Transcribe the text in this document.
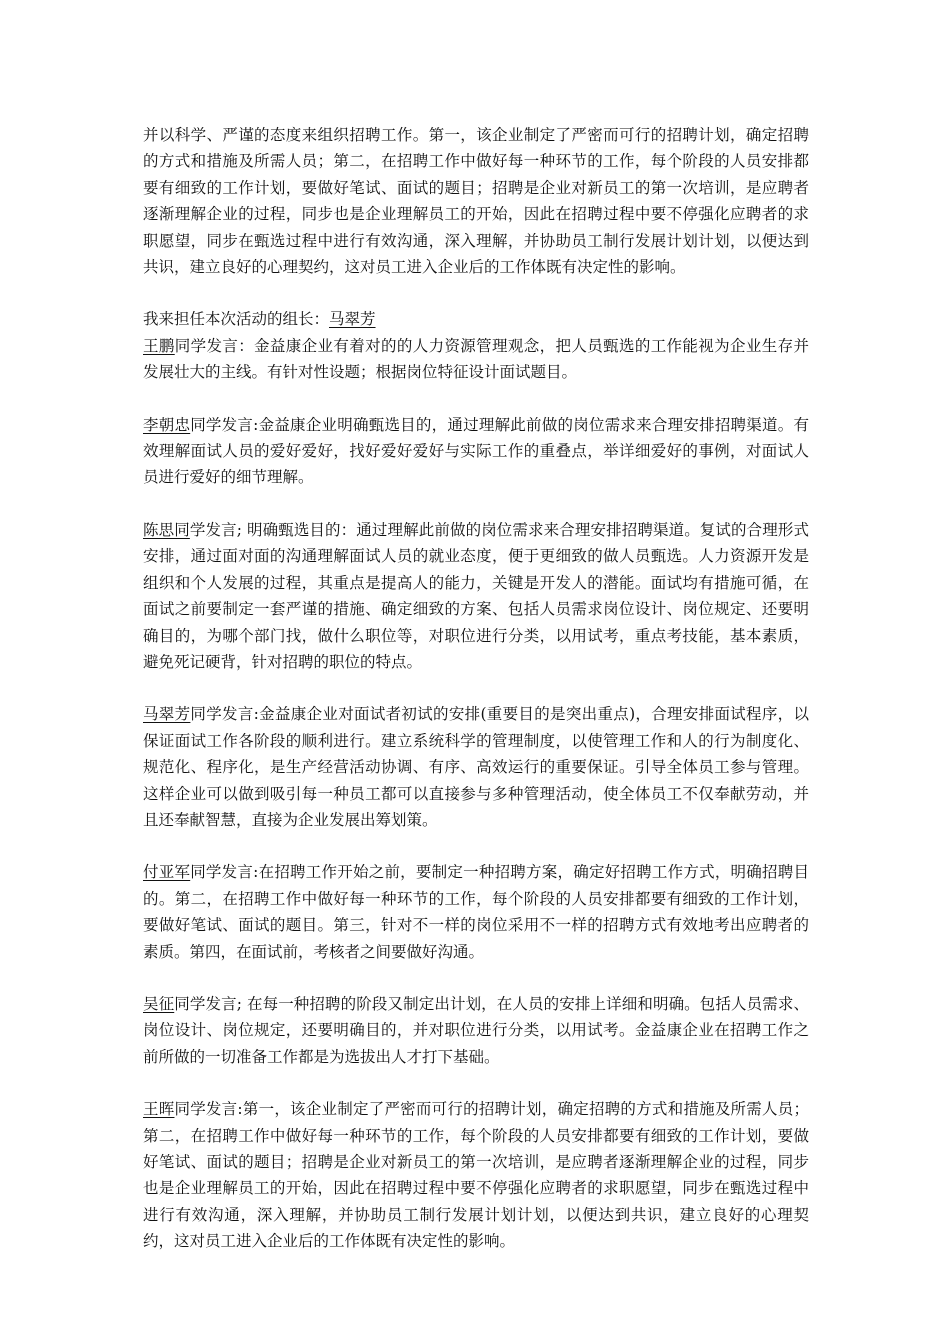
并以科学、严谨的态度来组织招聘工作。第一，该企业制定了严密而可行的招聘计划，确定招聘的方式和措施及所需人员；第二，在招聘工作中做好每一种环节的工作，每个阶段的人员安排都要有细致的工作计划，要做好笔试、面试的题目；招聘是企业对新员工的第一次培训，是应聘者逐渐理解企业的过程，同步也是企业理解员工的开始，因此在招聘过程中要不停强化应聘者的求职愿望，同步在甄选过程中进行有效沟通，深入理解，并协助员工制行发展计划计划，以便达到共识，建立良好的心理契约，这对员工进入企业后的工作体既有决定性的影响。

我来担任本次活动的组长：马翠芳

王鹏同学发言：金益康企业有着对的的人力资源管理观念，把人员甄选的工作能视为企业生存并发展壮大的主线。有针对性设题；根据岗位特征设计面试题目。

李朝忠同学发言:金益康企业明确甄选目的，通过理解此前做的岗位需求来合理安排招聘渠道。有效理解面试人员的爱好爱好，找好爱好爱好与实际工作的重叠点，举详细爱好的事例，对面试人员进行爱好的细节理解。

陈思同学发言; 明确甄选目的：通过理解此前做的岗位需求来合理安排招聘渠道。复试的合理形式安排，通过面对面的沟通理解面试人员的就业态度，便于更细致的做人员甄选。人力资源开发是组织和个人发展的过程，其重点是提高人的能力，关键是开发人的潜能。面试均有措施可循，在面试之前要制定一套严谨的措施、确定细致的方案、包括人员需求岗位设计、岗位规定、还要明确目的，为哪个部门找，做什么职位等，对职位进行分类，以用试考，重点考技能，基本素质，避免死记硬背，针对招聘的职位的特点。

马翠芳同学发言:金益康企业对面试者初试的安排(重要目的是突出重点)，合理安排面试程序，以保证面试工作各阶段的顺利进行。建立系统科学的管理制度，以使管理工作和人的行为制度化、规范化、程序化，是生产经营活动协调、有序、高效运行的重要保证。引导全体员工参与管理。这样企业可以做到吸引每一种员工都可以直接参与多种管理活动，使全体员工不仅奉献劳动，并且还奉献智慧，直接为企业发展出筹划策。

付亚军同学发言:在招聘工作开始之前，要制定一种招聘方案，确定好招聘工作方式，明确招聘目的。第二，在招聘工作中做好每一种环节的工作，每个阶段的人员安排都要有细致的工作计划，要做好笔试、面试的题目。第三，针对不一样的岗位采用不一样的招聘方式有效地考出应聘者的素质。第四，在面试前，考核者之间要做好沟通。

吴征同学发言; 在每一种招聘的阶段又制定出计划，在人员的安排上详细和明确。包括人员需求、岗位设计、岗位规定，还要明确目的，并对职位进行分类，以用试考。金益康企业在招聘工作之前所做的一切准备工作都是为选拔出人才打下基础。

王晖同学发言:第一，该企业制定了严密而可行的招聘计划，确定招聘的方式和措施及所需人员；第二，在招聘工作中做好每一种环节的工作，每个阶段的人员安排都要有细致的工作计划，要做好笔试、面试的题目；招聘是企业对新员工的第一次培训，是应聘者逐渐理解企业的过程，同步也是企业理解员工的开始，因此在招聘过程中要不停强化应聘者的求职愿望，同步在甄选过程中进行有效沟通，深入理解，并协助员工制行发展计划计划，以便达到共识，建立良好的心理契约，这对员工进入企业后的工作体既有决定性的影响。
